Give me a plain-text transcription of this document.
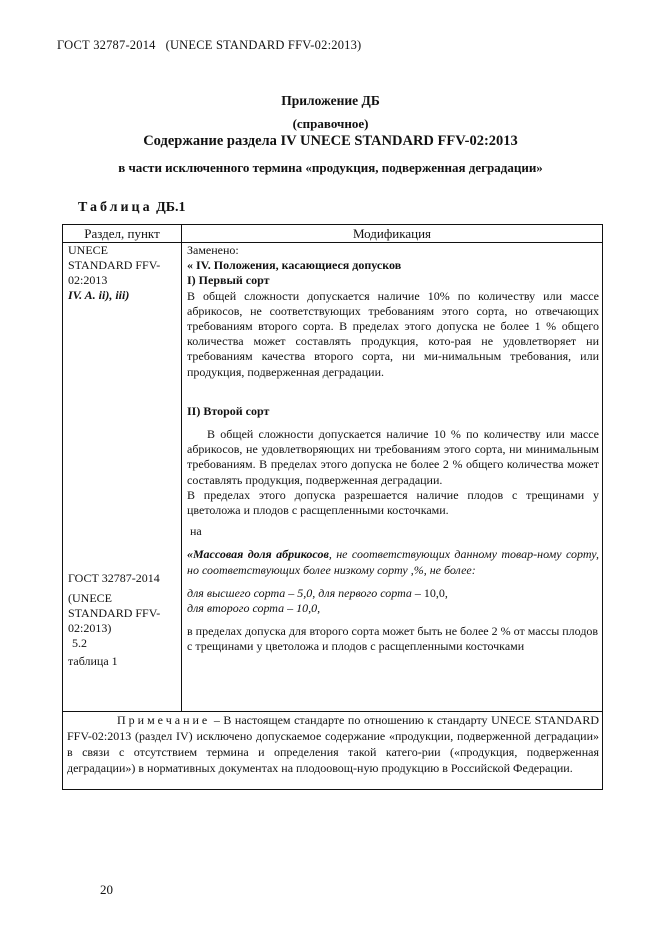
ГОСТ 32787-2014 (UNECE STANDARD FFV-02:2013)
Приложение ДБ
(справочное)
Содержание раздела IV UNECE STANDARD FFV-02:2013
в части исключенного термина «продукция, подверженная деградации»
Таблица ДБ.1
Раздел, пункт	Модификация
UNECE
STANDARD FFV-
02:2013
IV. A. ii), iii)
ГОСТ 32787-2014
(UNECE
STANDARD FFV-
02:2013)
5.2
таблица 1

Заменено:

« IV. Положения, касающиеся допусков

I) Первый сорт

В общей сложности допускается наличие 10% по количеству или массе абрикосов, не соответствующих требованиям этого сорта, но отвечающих требованиям второго сорта. В пределах этого допуска не более 1 % общего количества может составлять продукция, кото-рая не удовлетворяет ни требованиям качества второго сорта, ни ми-нимальным требования, или продукция, подверженная деградации.

II) Второй сорт

В общей сложности допускается наличие 10 % по количеству или массе абрикосов, не удовлетворяющих ни требованиям этого сорта, ни минимальным требованиям. В пределах этого допуска не более 2 % общего количества может составлять продукция, подверженная деградации.

В пределах этого допуска разрешается наличие плодов с трещинами у цветоложа и плодов с расщепленными косточками.

на

«Массовая доля абрикосов, не соответствующих данному товар-ному сорту, но соответствующих более низкому сорту ,%, не более:

для высшего сорта – 5,0, для первого сорта – 10,0,

для второго сорта – 10,0,

в пределах допуска для второго сорта может быть не более 2 % от массы плодов с трещинами у цветоложа и плодов с расщепленными косточками

Примечание – В настоящем стандарте по отношению к стандарту UNECE STANDARD FFV-02:2013 (раздел IV) исключено допускаемое содержание «продукции, подверженной деградации» в связи с отсутствием термина и определения такой катего-рии («продукция, подверженная деградации») в нормативных документах на плодоовощ-ную продукцию в Российской Федерации.
20
